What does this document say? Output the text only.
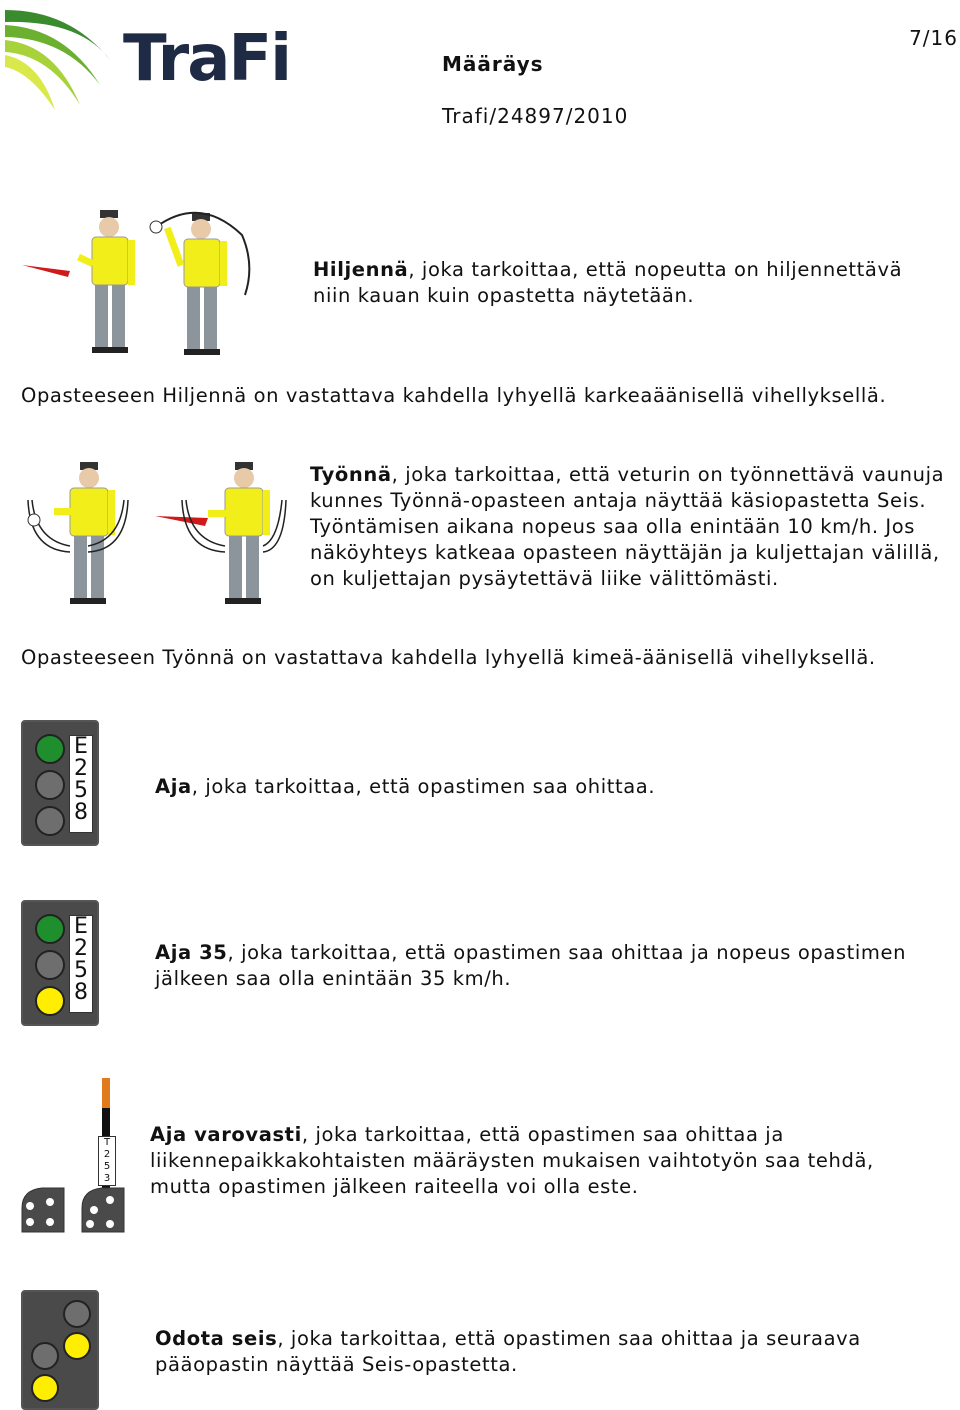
TraFi	7/16
Määräys
Trafi/24897/2010
Hiljennä, joka tarkoittaa, että nopeutta on hiljennettävä niin kauan kuin opastetta näytetään.
Opasteeseen Hiljennä on vastattava kahdella lyhyellä karkeaäänisellä vihellyksellä.
Työnnä, joka tarkoittaa, että veturin on työnnettävä vaunuja kunnes Työnnä-opasteen antaja näyttää käsiopastetta Seis. Työntämisen aikana nopeus saa olla enintään 10 km/h. Jos näköyhteys katkeaa opasteen näyttäjän ja kuljettajan välillä, on kuljettajan pysäytettävä liike välittömästi.
Opasteeseen Työnnä on vastattava kahdella lyhyellä kimeä-äänisellä vihellyksellä.
E
2
5
8
Aja, joka tarkoittaa, että opastimen saa ohittaa.
E
2
5
8
Aja 35, joka tarkoittaa, että opastimen saa ohittaa ja nopeus opastimen jälkeen saa olla enintään 35 km/h.
T
2
5
3
Aja varovasti, joka tarkoittaa, että opastimen saa ohittaa ja liikennepaikkakohtaisten määräysten mukaisen vaihtotyön saa tehdä, mutta opastimen jälkeen raiteella voi olla este.
Odota seis, joka tarkoittaa, että opastimen saa ohittaa ja seuraava pääopastin näyttää Seis-opastetta.
